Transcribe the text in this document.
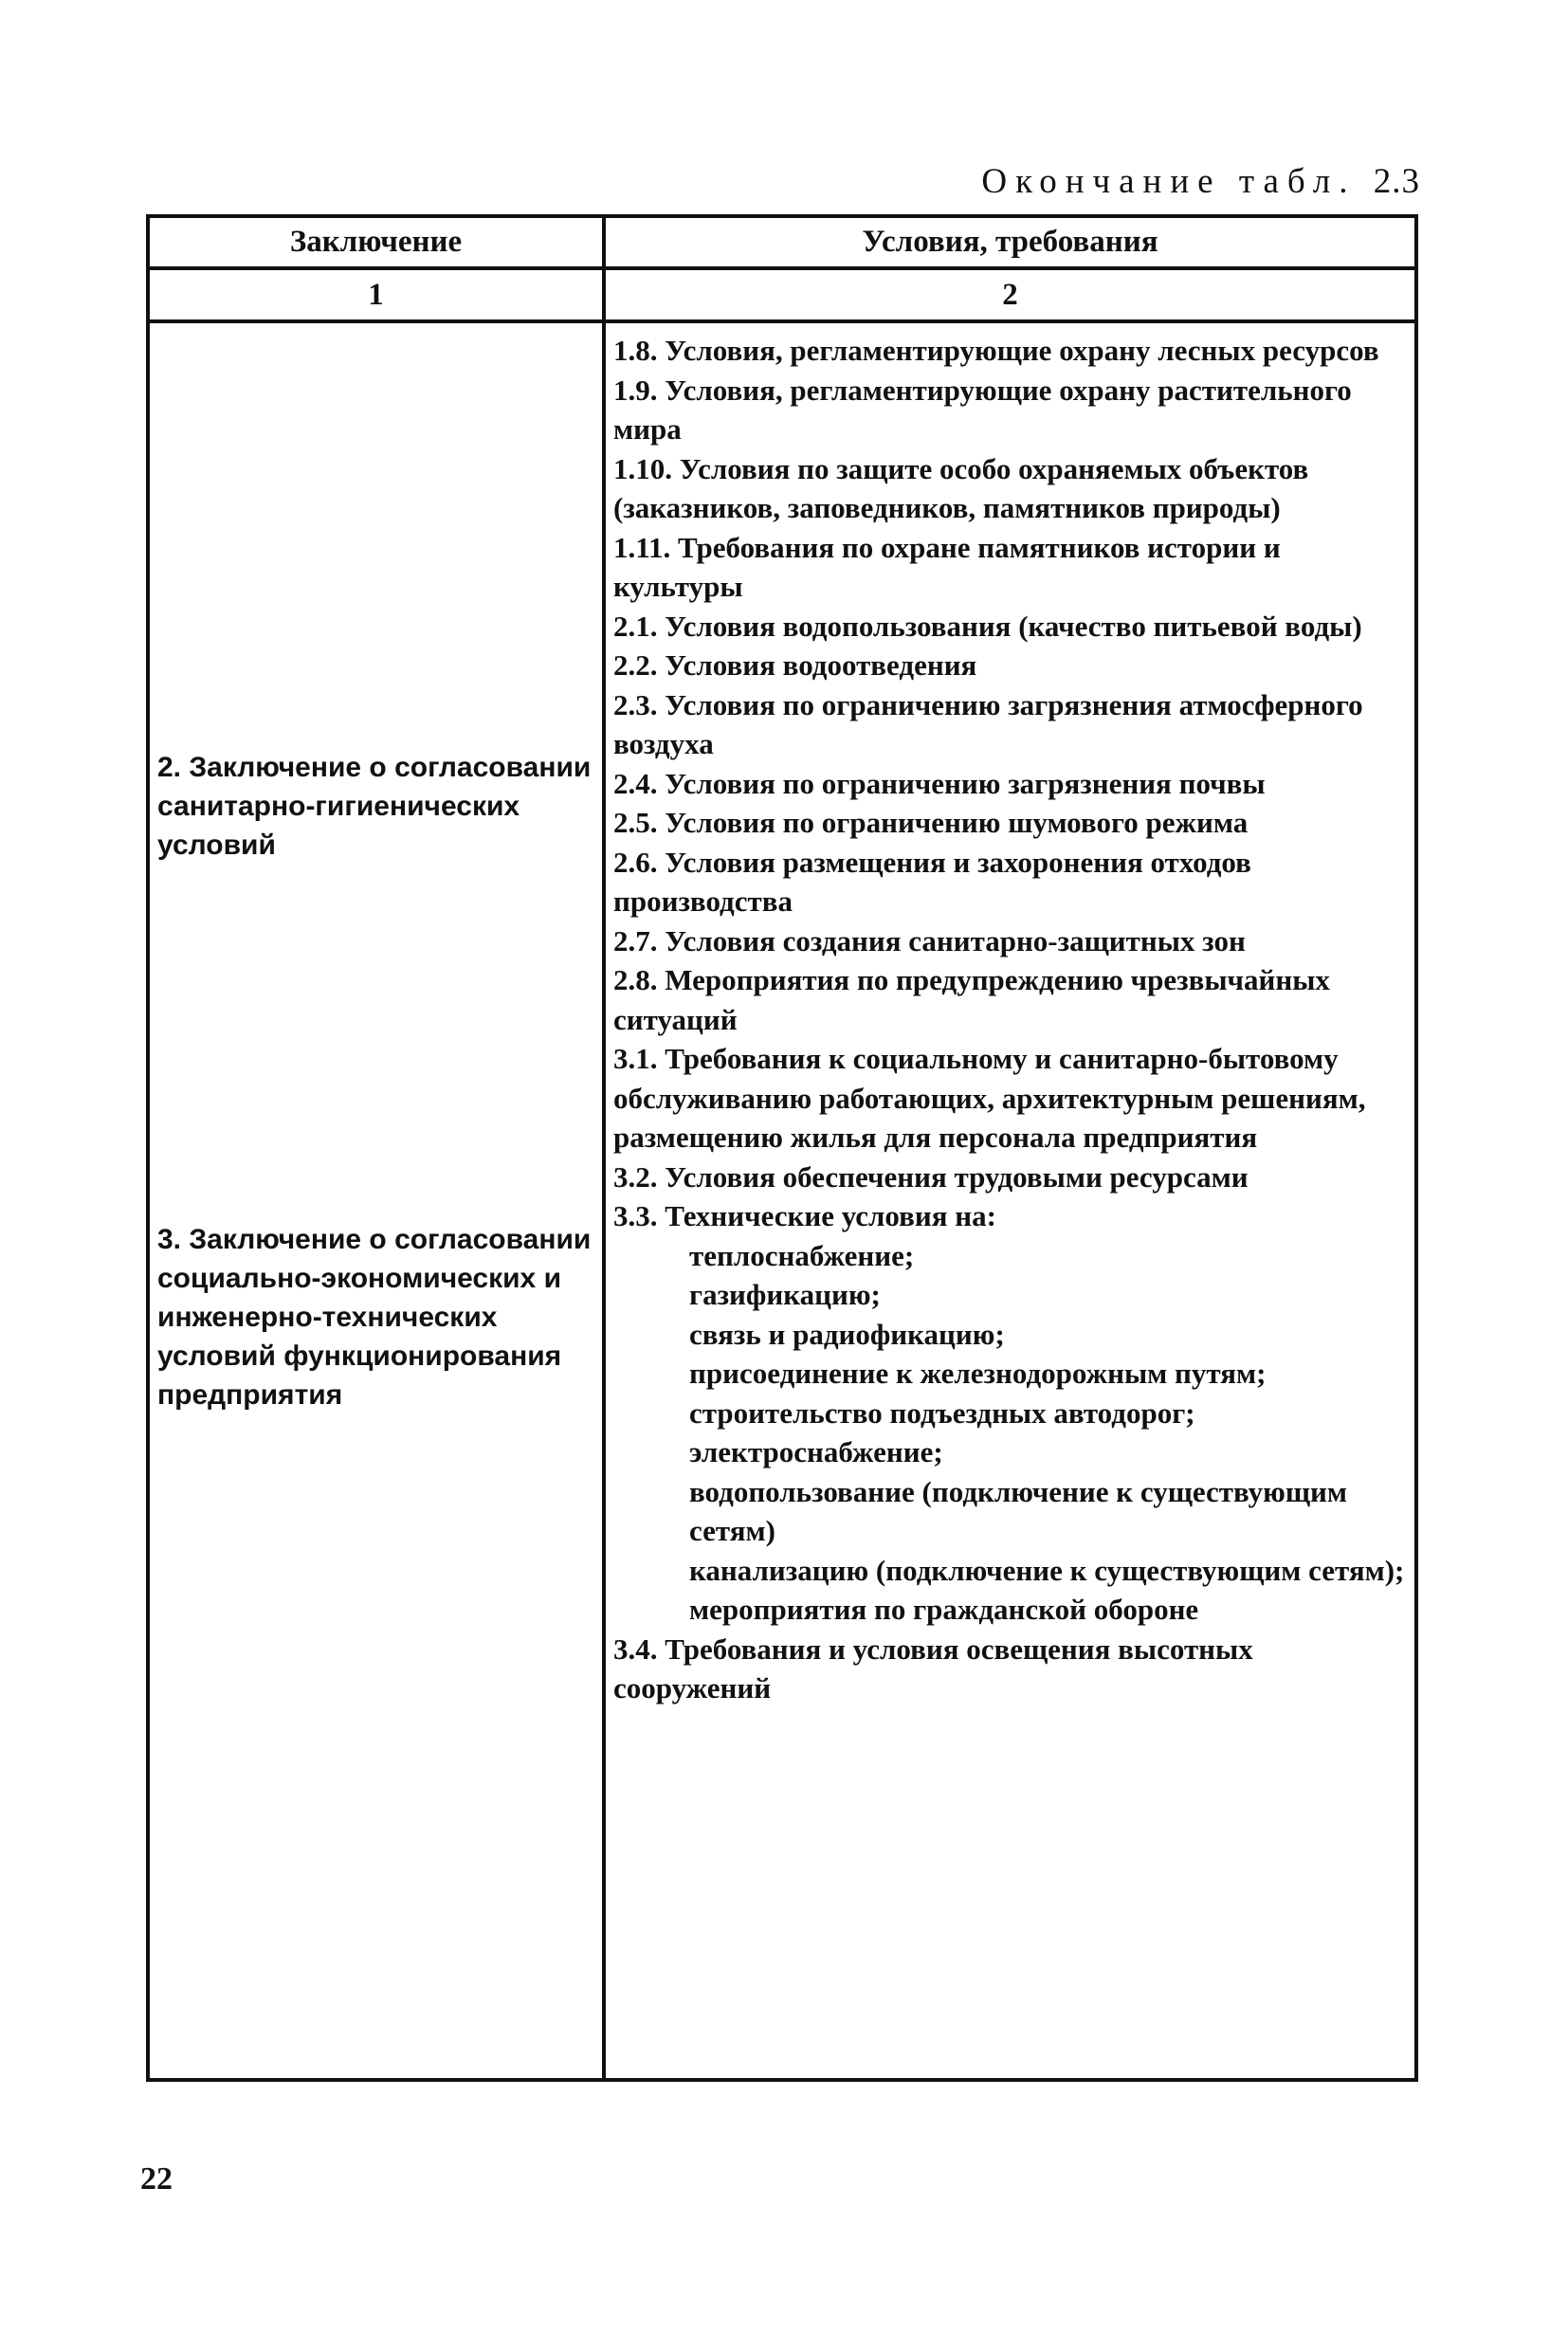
Окончание табл. 2.3
Заключение	Условия, требования
1	2
2. Заключение о согласовании санитарно-гигиенических условий
3. Заключение о согласовании социально-экономических и инженерно-технических условий функционирования предприятия
1.8. Условия, регламентирующие охрану лесных ресурсов
1.9. Условия, регламентирующие охрану растительного мира
1.10. Условия по защите особо охраняемых объектов (заказников, заповедников, памятников природы)
1.11. Требования по охране памятников истории и культуры
2.1. Условия водопользования (качество питьевой воды)
2.2. Условия водоотведения
2.3. Условия по ограничению загрязнения атмосферного воздуха
2.4. Условия по ограничению загрязнения почвы
2.5. Условия по ограничению шумового режима
2.6. Условия размещения и захоронения отходов производства
2.7. Условия создания санитарно-защитных зон
2.8. Мероприятия по предупреждению чрезвычайных ситуаций
3.1. Требования к социальному и санитарно-бытовому обслуживанию работающих, архитектурным решениям, размещению жилья для персонала предприятия
3.2. Условия обеспечения трудовыми ресурсами
3.3. Технические условия на:
теплоснабжение;
газификацию;
связь и радиофикацию;
присоединение к железнодорожным путям;
строительство подъездных автодорог;
электроснабжение;
водопользование (подключение к существующим сетям)
канализацию (подключение к существующим сетям);
мероприятия по гражданской обороне
3.4. Требования и условия освещения высотных сооружений
22
